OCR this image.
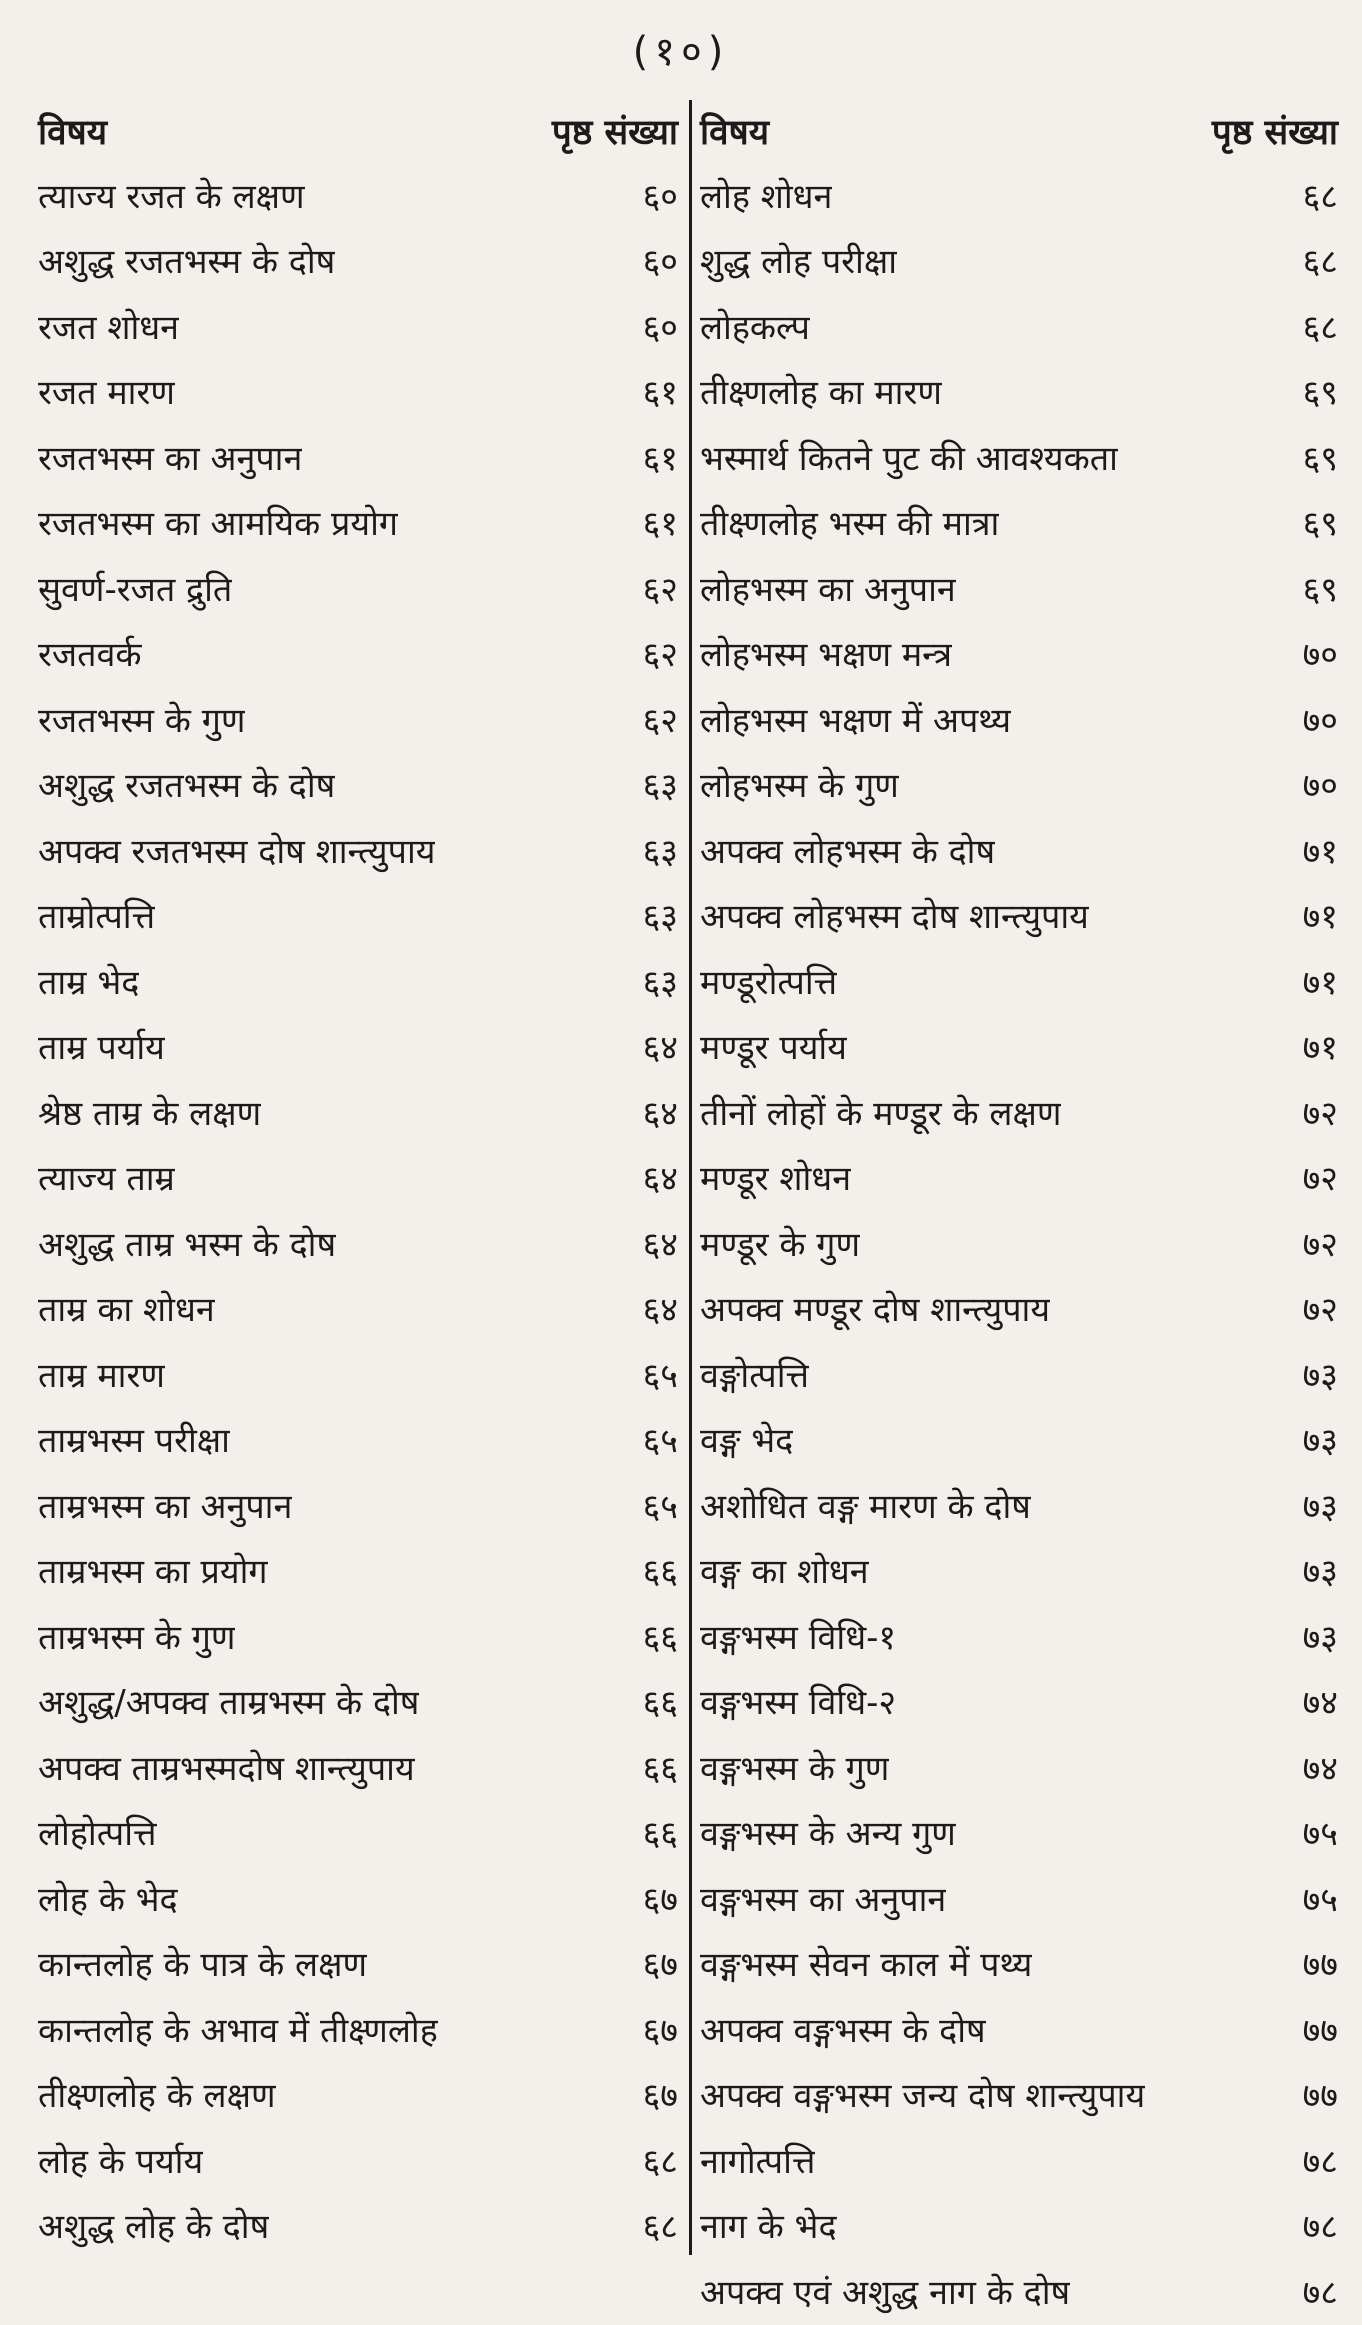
(१०)
विषय	पृष्ठ संख्या
त्याज्य रजत के लक्षण	६०
अशुद्ध रजतभस्म के दोष	६०
रजत शोधन	६०
रजत मारण	६१
रजतभस्म का अनुपान	६१
रजतभस्म का आमयिक प्रयोग	६१
सुवर्ण-रजत द्रुति	६२
रजतवर्क	६२
रजतभस्म के गुण	६२
अशुद्ध रजतभस्म के दोष	६३
अपक्व रजतभस्म दोष शान्त्युपाय	६३
ताम्रोत्पत्ति	६३
ताम्र भेद	६३
ताम्र पर्याय	६४
श्रेष्ठ ताम्र के लक्षण	६४
त्याज्य ताम्र	६४
अशुद्ध ताम्र भस्म के दोष	६४
ताम्र का शोधन	६४
ताम्र मारण	६५
ताम्रभस्म परीक्षा	६५
ताम्रभस्म का अनुपान	६५
ताम्रभस्म का प्रयोग	६६
ताम्रभस्म के गुण	६६
अशुद्ध/अपक्व ताम्रभस्म के दोष	६६
अपक्व ताम्रभस्मदोष शान्त्युपाय	६६
लोहोत्पत्ति	६६
लोह के भेद	६७
कान्तलोह के पात्र के लक्षण	६७
कान्तलोह के अभाव में तीक्ष्णलोह	६७
तीक्ष्णलोह के लक्षण	६७
लोह के पर्याय	६८
अशुद्ध लोह के दोष	६८
विषय	पृष्ठ संख्या
लोह शोधन	६८
शुद्ध लोह परीक्षा	६८
लोहकल्प	६८
तीक्ष्णलोह का मारण	६९
भस्मार्थ कितने पुट की आवश्यकता	६९
तीक्ष्णलोह भस्म की मात्रा	६९
लोहभस्म का अनुपान	६९
लोहभस्म भक्षण मन्त्र	७०
लोहभस्म भक्षण में अपथ्य	७०
लोहभस्म के गुण	७०
अपक्व लोहभस्म के दोष	७१
अपक्व लोहभस्म दोष शान्त्युपाय	७१
मण्डूरोत्पत्ति	७१
मण्डूर पर्याय	७१
तीनों लोहों के मण्डूर के लक्षण	७२
मण्डूर शोधन	७२
मण्डूर के गुण	७२
अपक्व मण्डूर दोष शान्त्युपाय	७२
वङ्गोत्पत्ति	७३
वङ्ग भेद	७३
अशोधित वङ्ग मारण के दोष	७३
वङ्ग का शोधन	७३
वङ्गभस्म विधि-१	७३
वङ्गभस्म विधि-२	७४
वङ्गभस्म के गुण	७४
वङ्गभस्म के अन्य गुण	७५
वङ्गभस्म का अनुपान	७५
वङ्गभस्म सेवन काल में पथ्य	७७
अपक्व वङ्गभस्म के दोष	७७
अपक्व वङ्गभस्म जन्य दोष शान्त्युपाय	७७
नागोत्पत्ति	७८
नाग के भेद	७८
अपक्व एवं अशुद्ध नाग के दोष	७८
